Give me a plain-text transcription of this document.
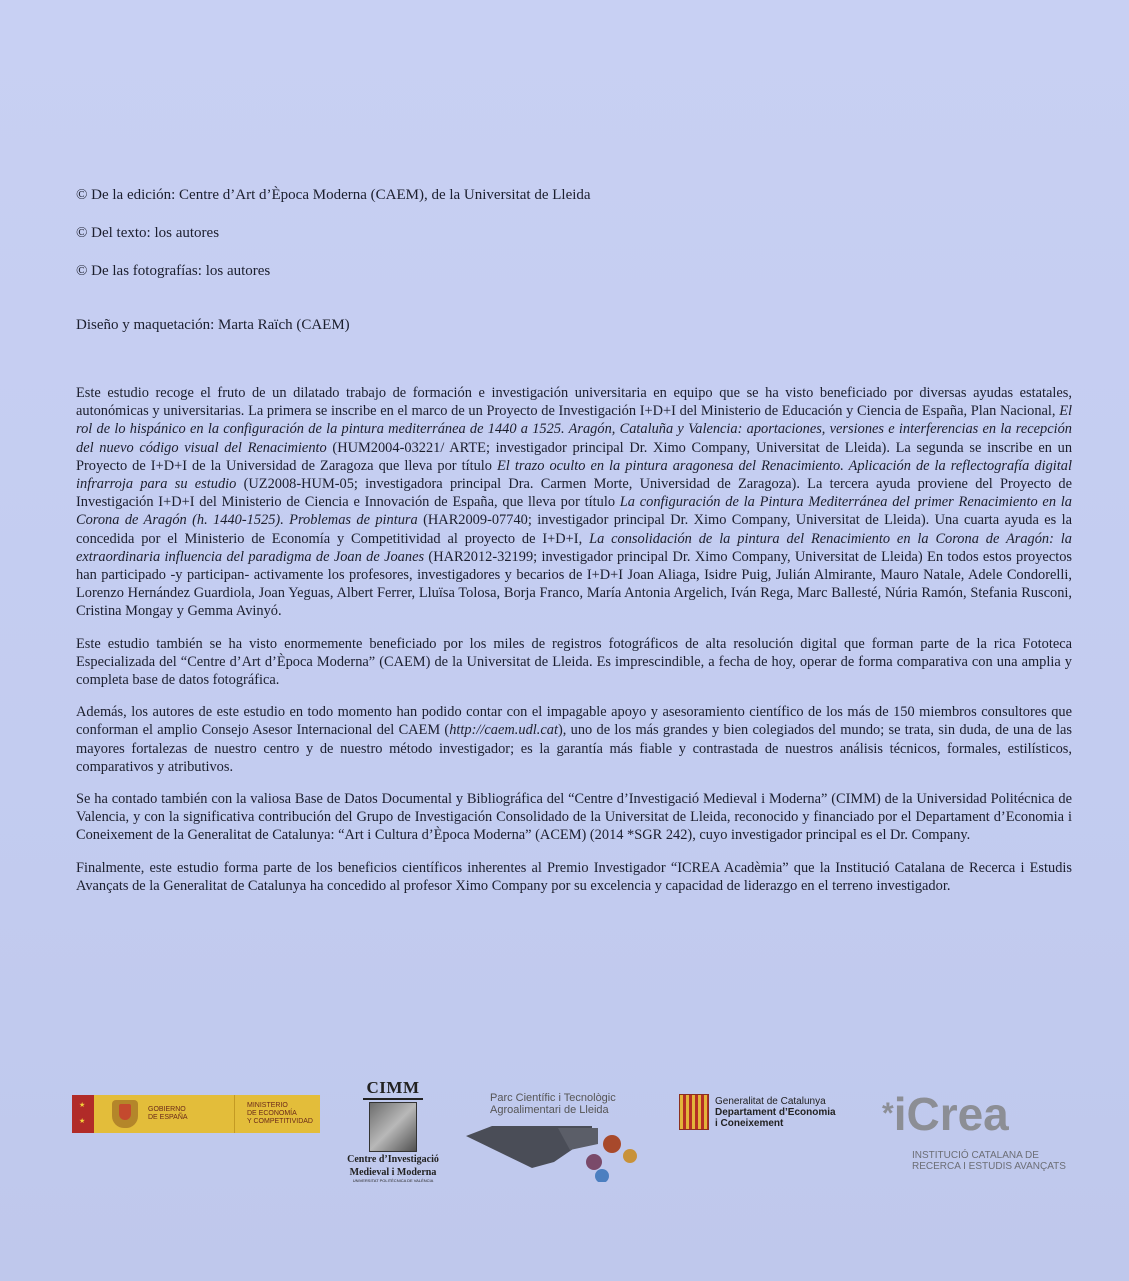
© De la edición: Centre d’Art d’Època Moderna (CAEM), de la Universitat de Lleida

© Del texto: los autores

© De las fotografías: los autores

Diseño y maquetación: Marta Raïch (CAEM)

Este estudio recoge el fruto de un dilatado trabajo de formación e investigación universitaria en equipo que se ha visto beneficiado por diversas ayudas estatales, autonómicas y universitarias. La primera se inscribe en el marco de un Proyecto de Investigación I+D+I del Ministerio de Educación y Ciencia de España, Plan Nacional, El rol de lo hispánico en la configuración de la pintura mediterránea de 1440 a 1525. Aragón, Cataluña y Valencia: aportaciones, versiones e interferencias en la recepción del nuevo código visual del Renacimiento (HUM2004-03221/ ARTE; investigador principal Dr. Ximo Company, Universitat de Lleida). La segunda se inscribe en un Proyecto de I+D+I de la Universidad de Zaragoza que lleva por título El trazo oculto en la pintura aragonesa del Renacimiento. Aplicación de la reflectografía digital infrarroja para su estudio (UZ2008-HUM-05; investigadora principal Dra. Carmen Morte, Universidad de Zaragoza). La tercera ayuda proviene del Proyecto de Investigación I+D+I del Ministerio de Ciencia e Innovación de España, que lleva por título La configuración de la Pintura Mediterránea del primer Renacimiento en la Corona de Aragón (h. 1440-1525). Problemas de pintura (HAR2009-07740; investigador principal Dr. Ximo Company, Universitat de Lleida). Una cuarta ayuda es la concedida por el Ministerio de Economía y Competitividad al proyecto de I+D+I, La consolidación de la pintura del Renacimiento en la Corona de Aragón: la extraordinaria influencia del paradigma de Joan de Joanes (HAR2012-32199; investigador principal Dr. Ximo Company, Universitat de Lleida) En todos estos proyectos han participado -y participan- activamente los profesores, investigadores y becarios de I+D+I Joan Aliaga, Isidre Puig, Julián Almirante, Mauro Natale, Adele Condorelli, Lorenzo Hernández Guardiola, Joan Yeguas, Albert Ferrer, Lluïsa Tolosa, Borja Franco, María Antonia Argelich, Iván Rega, Marc Ballesté, Núria Ramón, Stefania Rusconi, Cristina Mongay y Gemma Avinyó.

Este estudio también se ha visto enormemente beneficiado por los miles de registros fotográficos de alta resolución digital que forman parte de la rica Fototeca Especializada del “Centre d’Art d’Època Moderna” (CAEM) de la Universitat de Lleida. Es imprescindible, a fecha de hoy, operar de forma comparativa con una amplia y completa base de datos fotográfica.

Además, los autores de este estudio en todo momento han podido contar con el impagable apoyo y asesoramiento científico de los más de 150 miembros consultores que conforman el amplio Consejo Asesor Internacional del CAEM (http://caem.udl.cat), uno de los más grandes y bien colegiados del mundo; se trata, sin duda, de una de las mayores fortalezas de nuestro centro y de nuestro método investigador; es la garantía más fiable y contrastada de nuestros análisis técnicos, formales, estilísticos, comparativos y atributivos.

Se ha contado también con la valiosa Base de Datos Documental y Bibliográfica del “Centre d’Investigació Medieval i Moderna” (CIMM) de la Universidad Politécnica de Valencia, y con la significativa contribución del Grupo de Investigación Consolidado de la Universitat de Lleida, reconocido y financiado por el Departament d’Economia i Coneixement de la Generalitat de Catalunya: “Art i Cultura d’Època Moderna” (ACEM) (2014 *SGR 242), cuyo investigador principal es el Dr. Company.

Finalmente, este estudio forma parte de los beneficios científicos inherentes al Premio Investigador “ICREA Acadèmia” que la Institució Catalana de Recerca i Estudis Avançats de la Generalitat de Catalunya ha concedido al profesor Ximo Company por su excelencia y capacidad de liderazgo en el terreno investigador.

★
★
GOBIERNO
DE ESPAÑA
MINISTERIO
DE ECONOMÍA
Y COMPETITIVIDAD
CIMM
Centre d’Investigació
Medieval i Moderna
UNIVERSITAT POLITÈCNICA DE VALÈNCIA
Parc Científic i Tecnològic
Agroalimentari de Lleida
Generalitat de Catalunya
Departament d’Economia
i Coneixement	*iCrea
INSTITUCIÓ CATALANA DE
RECERCA I ESTUDIS AVANÇATS
